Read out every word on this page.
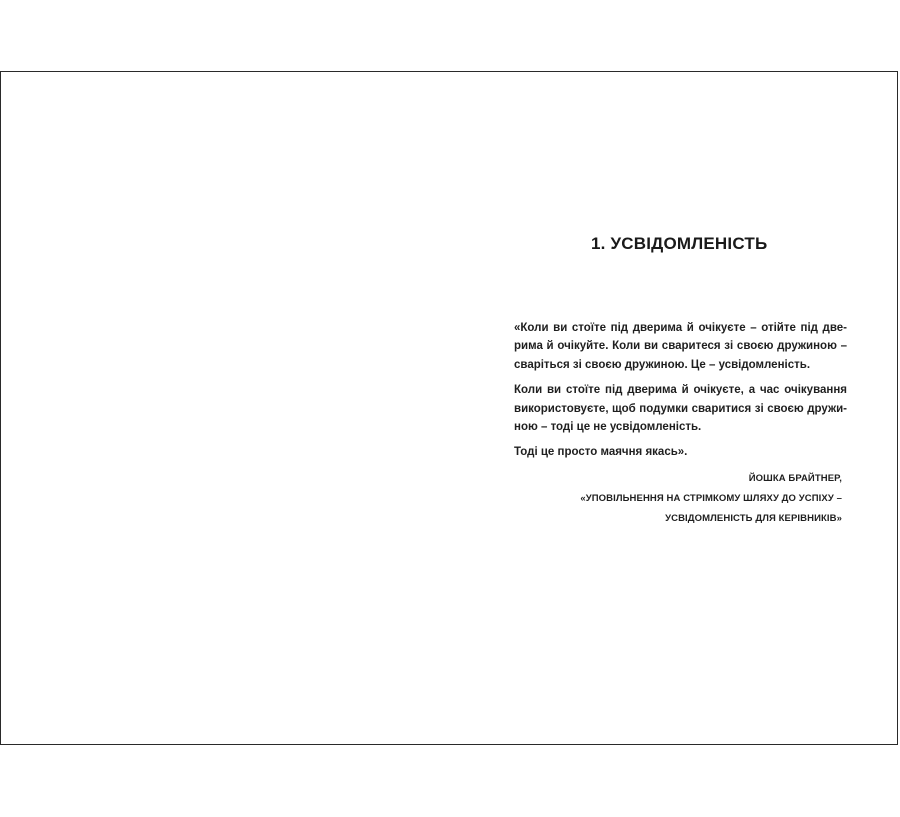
1. УСВІДОМЛЕНІСТЬ

«Коли ви стоїте під дверима й очікуєте – отійте під две-
рима й очікуйте. Коли ви сваритеся зі своєю дружиною –
сваріться зі своєю дружиною. Це – усвідомленість.

Коли ви стоїте під дверима й очікуєте, а час очікування
використовуєте, щоб подумки сваритися зі своєю дружи-
ною – тоді це не усвідомленість.

Тоді це просто маячня якась».

ЙОШКА БРАЙТНЕР,
«УПОВІЛЬНЕННЯ НА СТРІМКОМУ ШЛЯХУ ДО УСПІХУ –
УСВІДОМЛЕНІСТЬ ДЛЯ КЕРІВНИКІВ»
